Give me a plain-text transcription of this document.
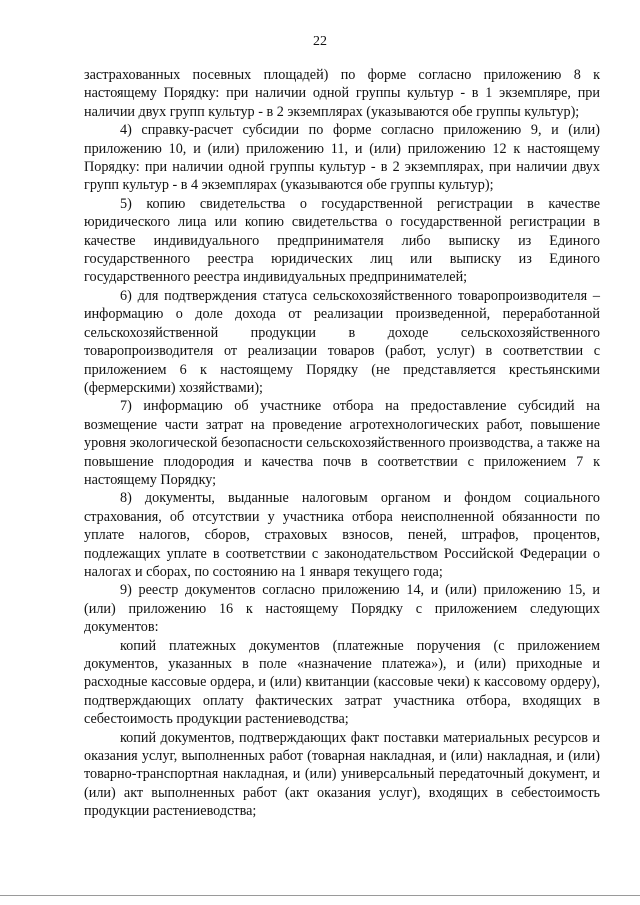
22

застрахованных посевных площадей) по форме согласно приложению 8 к настоящему Порядку: при наличии одной группы культур - в 1 экземпляре, при наличии двух групп культур - в 2 экземплярах (указываются обе группы культур);

4) справку-расчет субсидии по форме согласно приложению 9, и (или) приложению 10, и (или) приложению 11, и (или) приложению 12 к настоящему Порядку: при наличии одной группы культур - в 2 экземплярах, при наличии двух групп культур - в 4 экземплярах (указываются обе группы культур);

5) копию свидетельства о государственной регистрации в качестве юридического лица или копию свидетельства о государственной регистрации в качестве индивидуального предпринимателя либо выписку из Единого государственного реестра юридических лиц или выписку из Единого государственного реестра индивидуальных предпринимателей;

6) для подтверждения статуса сельскохозяйственного товаропроизводителя – информацию о доле дохода от реализации произведенной, переработанной сельскохозяйственной продукции в доходе сельскохозяйственного товаропроизводителя от реализации товаров (работ, услуг) в соответствии с приложением 6 к настоящему Порядку (не представляется крестьянскими (фермерскими) хозяйствами);

7) информацию об участнике отбора на предоставление субсидий на возмещение части затрат на проведение агротехнологических работ, повышение уровня экологической безопасности сельскохозяйственного производства, а также на повышение плодородия и качества почв в соответствии с приложением 7 к настоящему Порядку;

8) документы, выданные налоговым органом и фондом социального страхования, об отсутствии у участника отбора неисполненной обязанности по уплате налогов, сборов, страховых взносов, пеней, штрафов, процентов, подлежащих уплате в соответствии с законодательством Российской Федерации о налогах и сборах, по состоянию на 1 января текущего года;

9) реестр документов согласно приложению 14, и (или) приложению 15, и (или) приложению 16 к настоящему Порядку с приложением следующих документов:

копий платежных документов (платежные поручения (с приложением документов, указанных в поле «назначение платежа»), и (или) приходные и расходные кассовые ордера, и (или) квитанции (кассовые чеки) к кассовому ордеру), подтверждающих оплату фактических затрат участника отбора, входящих в себестоимость продукции растениеводства;

копий документов, подтверждающих факт поставки материальных ресурсов и оказания услуг, выполненных работ (товарная накладная, и (или) накладная, и (или) товарно-транспортная накладная, и (или) универсальный передаточный документ, и (или) акт выполненных работ (акт оказания услуг), входящих в себестоимость продукции растениеводства;
